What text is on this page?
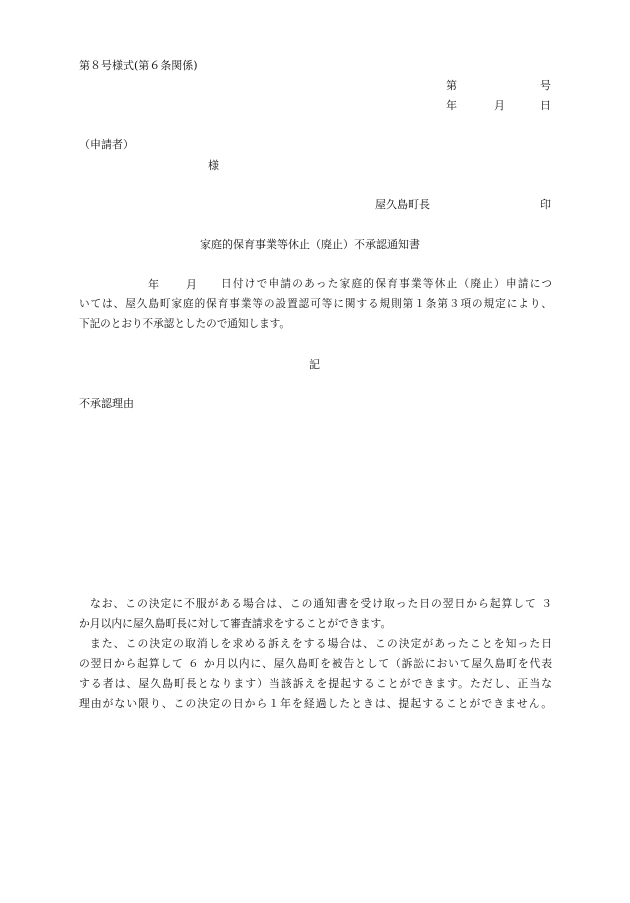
第８号様式(第６条関係)
第	号
年	月	日
（申請者）
様
屋久島町長	印
家庭的保育事業等休止（廃止）不承認通知書
年 月 日付けで申請のあった家庭的保育事業等休止（廃止）申請につ
いては、屋久島町家庭的保育事業等の設置認可等に関する規則第１条第３項の規定により、
下記のとおり不承認としたので通知します。
記
不承認理由
なお、この決定に不服がある場合は、この通知書を受け取った日の翌日から起算して ３
か月以内に屋久島町長に対して審査請求をすることができます。
また、この決定の取消しを求める訴えをする場合は、この決定があったことを知った日
の翌日から起算して ６ か月以内に、屋久島町を被告として（訴訟において屋久島町を代表
する者は、屋久島町長となります）当該訴えを提起することができます。ただし、正当な
理由がない限り、この決定の日から１年を経過したときは、提起することができません。
